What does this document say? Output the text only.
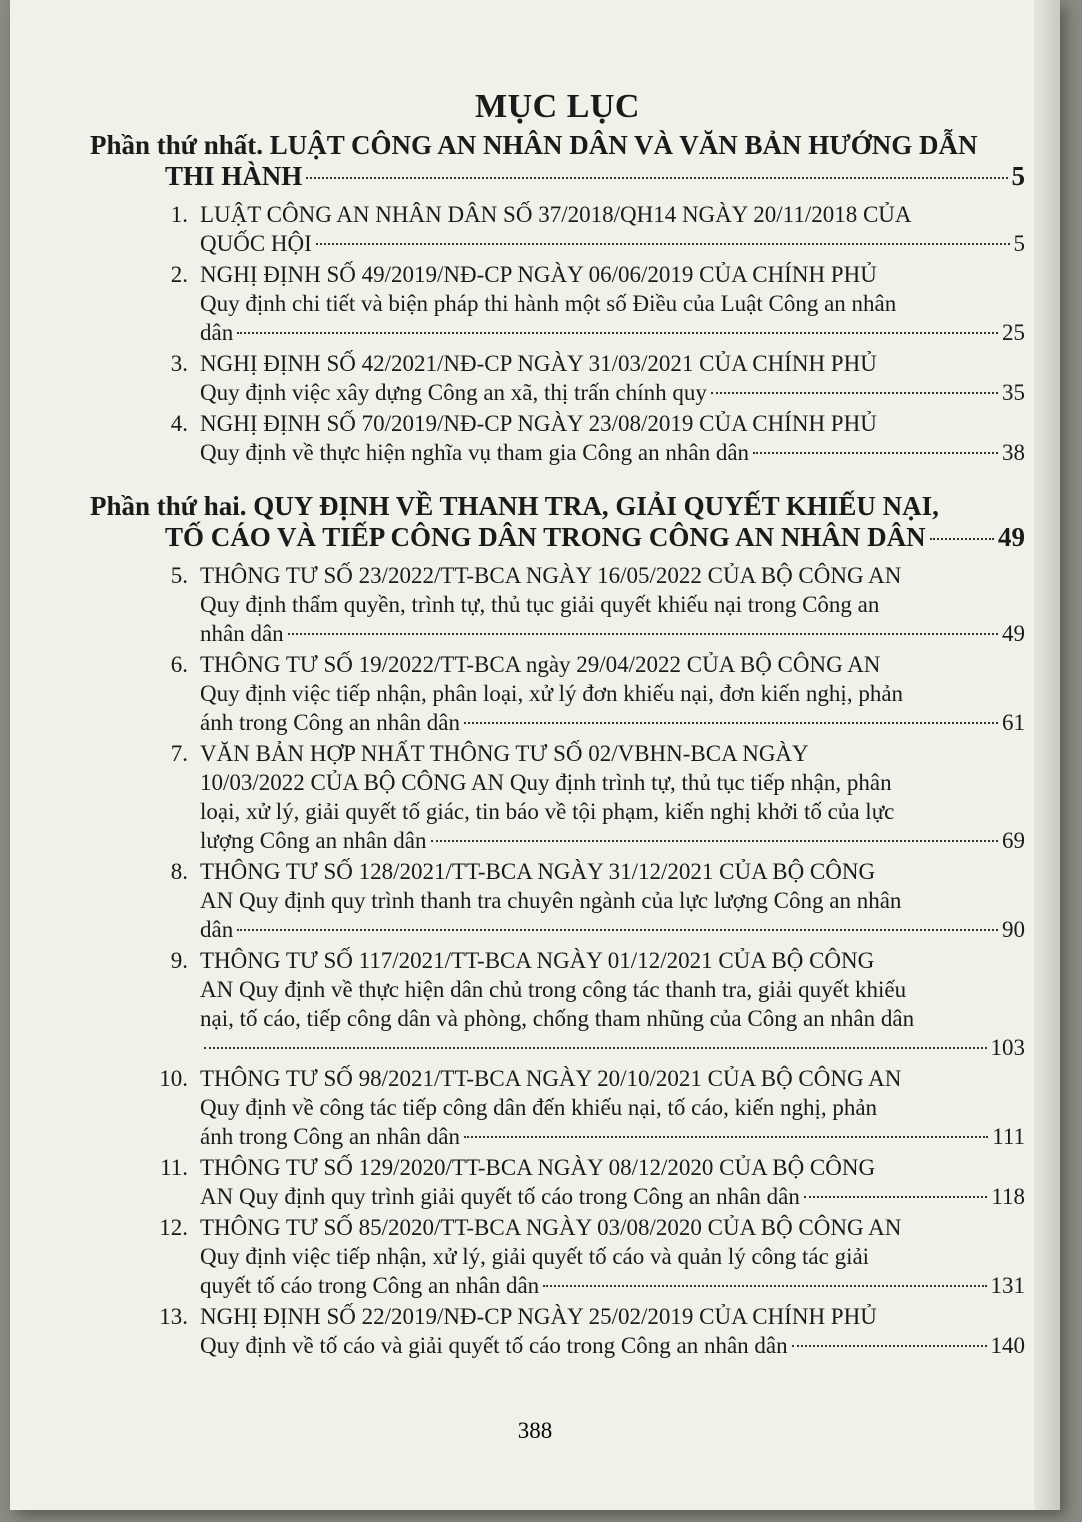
MỤC LỤC
Phần thứ nhất. LUẬT CÔNG AN NHÂN DÂN VÀ VĂN BẢN HƯỚNG DẪN
THI HÀNH	5
1. LUẬT CÔNG AN NHÂN DÂN SỐ 37/2018/QH14 NGÀY 20/11/2018 CỦA
QUỐC HỘI	5
2. NGHỊ ĐỊNH SỐ 49/2019/NĐ-CP NGÀY 06/06/2019 CỦA CHÍNH PHỦ
Quy định chi tiết và biện pháp thi hành một số Điều của Luật Công an nhân
dân	25
3. NGHỊ ĐỊNH SỐ 42/2021/NĐ-CP NGÀY 31/03/2021 CỦA CHÍNH PHỦ
Quy định việc xây dựng Công an xã, thị trấn chính quy	35
4. NGHỊ ĐỊNH SỐ 70/2019/NĐ-CP NGÀY 23/08/2019 CỦA CHÍNH PHỦ
Quy định về thực hiện nghĩa vụ tham gia Công an nhân dân	38
Phần thứ hai. QUY ĐỊNH VỀ THANH TRA, GIẢI QUYẾT KHIẾU NẠI,
TỐ CÁO VÀ TIẾP CÔNG DÂN TRONG CÔNG AN NHÂN DÂN	49
5. THÔNG TƯ SỐ 23/2022/TT-BCA NGÀY 16/05/2022 CỦA BỘ CÔNG AN
Quy định thẩm quyền, trình tự, thủ tục giải quyết khiếu nại trong Công an
nhân dân	49
6. THÔNG TƯ SỐ 19/2022/TT-BCA ngày 29/04/2022 CỦA BỘ CÔNG AN
Quy định việc tiếp nhận, phân loại, xử lý đơn khiếu nại, đơn kiến nghị, phản
ánh trong Công an nhân dân	61
7. VĂN BẢN HỢP NHẤT THÔNG TƯ SỐ 02/VBHN-BCA NGÀY
10/03/2022 CỦA BỘ CÔNG AN Quy định trình tự, thủ tục tiếp nhận, phân
loại, xử lý, giải quyết tố giác, tin báo về tội phạm, kiến nghị khởi tố của lực
lượng Công an nhân dân	69
8. THÔNG TƯ SỐ 128/2021/TT-BCA NGÀY 31/12/2021 CỦA BỘ CÔNG
AN Quy định quy trình thanh tra chuyên ngành của lực lượng Công an nhân
dân	90
9. THÔNG TƯ SỐ 117/2021/TT-BCA NGÀY 01/12/2021 CỦA BỘ CÔNG
AN Quy định về thực hiện dân chủ trong công tác thanh tra, giải quyết khiếu
nại, tố cáo, tiếp công dân và phòng, chống tham nhũng của Công an nhân dân
103
10. THÔNG TƯ SỐ 98/2021/TT-BCA NGÀY 20/10/2021 CỦA BỘ CÔNG AN
Quy định về công tác tiếp công dân đến khiếu nại, tố cáo, kiến nghị, phản
ánh trong Công an nhân dân	111
11. THÔNG TƯ SỐ 129/2020/TT-BCA NGÀY 08/12/2020 CỦA BỘ CÔNG
AN Quy định quy trình giải quyết tố cáo trong Công an nhân dân	118
12. THÔNG TƯ SỐ 85/2020/TT-BCA NGÀY 03/08/2020 CỦA BỘ CÔNG AN
Quy định việc tiếp nhận, xử lý, giải quyết tố cáo và quản lý công tác giải
quyết tố cáo trong Công an nhân dân	131
13. NGHỊ ĐỊNH SỐ 22/2019/NĐ-CP NGÀY 25/02/2019 CỦA CHÍNH PHỦ
Quy định về tố cáo và giải quyết tố cáo trong Công an nhân dân	140
388
